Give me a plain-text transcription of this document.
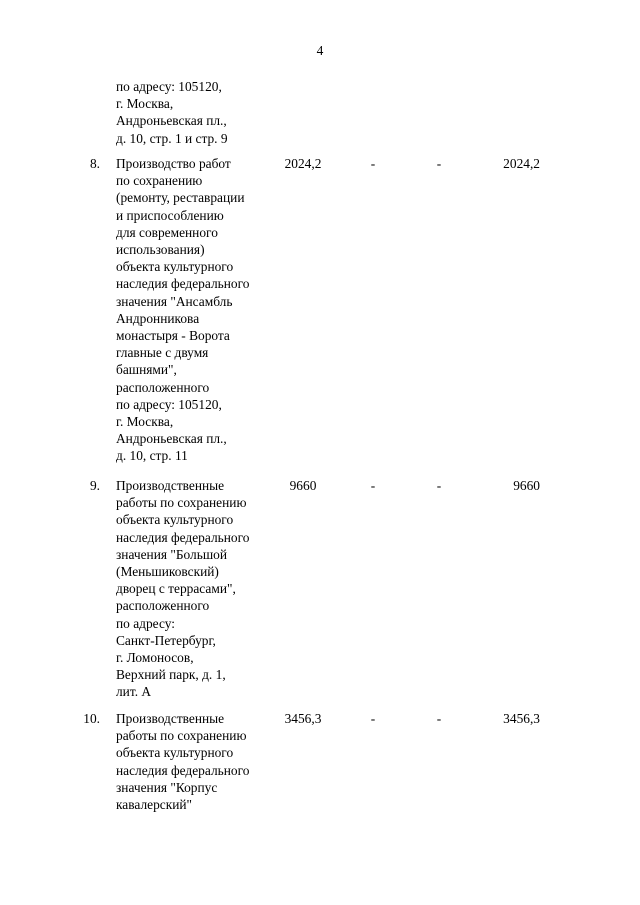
4
по адресу: 105120,
г. Москва,
Андроньевская пл.,
д. 10, стр. 1 и стр. 9
8. Производство работ
по сохранению
(ремонту, реставрации
и приспособлению
для современного
использования)
объекта культурного
наследия федерального
значения "Ансамбль
Андронникова
монастыря - Ворота
главные с двумя
башнями",
расположенного
по адресу: 105120,
г. Москва,
Андроньевская пл.,
д. 10, стр. 11
2024,2	-	-	2024,2
9. Производственные
работы по сохранению
объекта культурного
наследия федерального
значения "Большой
(Меньшиковский)
дворец с террасами",
расположенного
по адресу:
Санкт-Петербург,
г. Ломоносов,
Верхний парк, д. 1,
лит. А
9660	-	-	9660
10. Производственные
работы по сохранению
объекта культурного
наследия федерального
значения "Корпус
кавалерский"
3456,3	-	-	3456,3
